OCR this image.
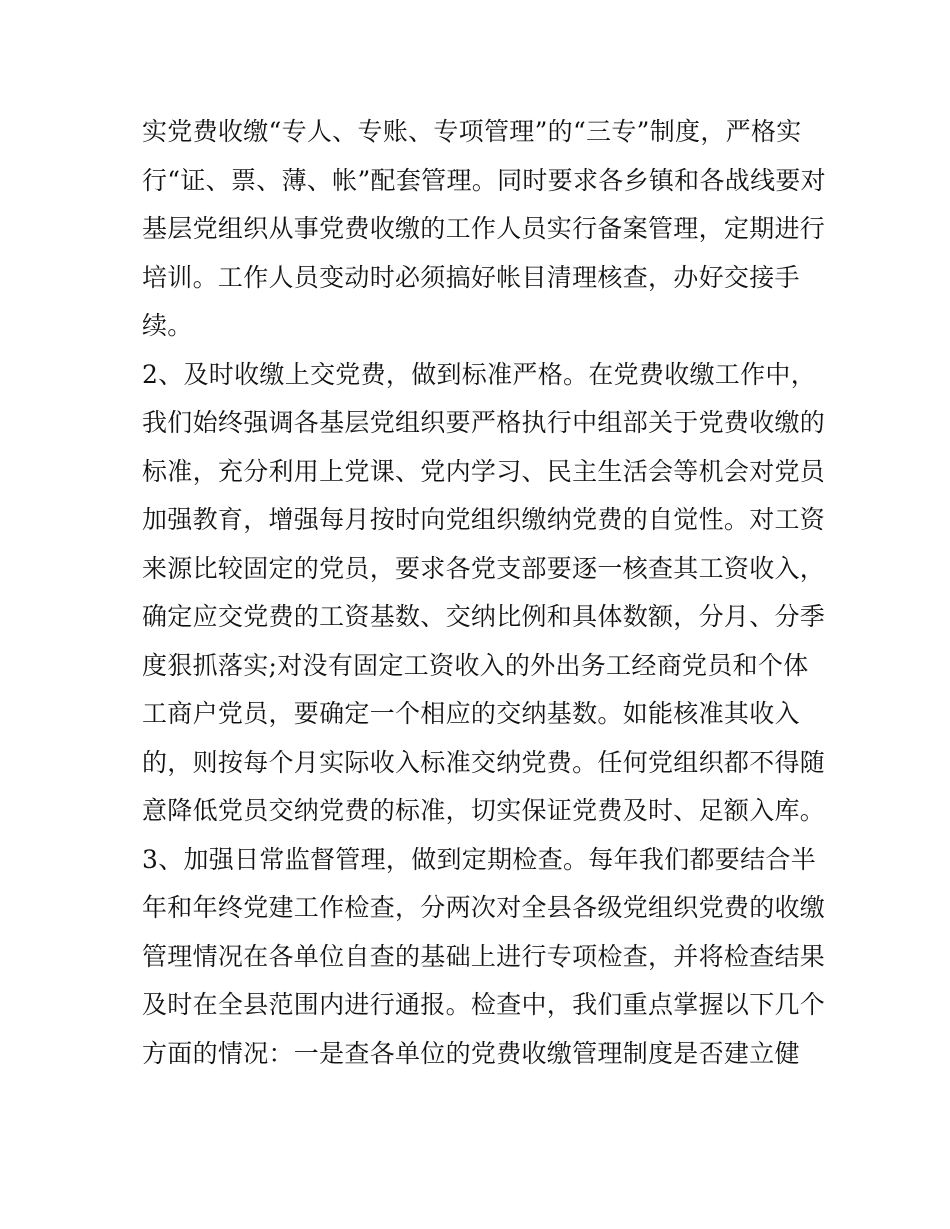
实党费收缴“专人、专账、专项管理”的“三专”制度，严格实
行“证、票、薄、帐”配套管理。同时要求各乡镇和各战线要对
基层党组织从事党费收缴的工作人员实行备案管理，定期进行
培训。工作人员变动时必须搞好帐目清理核查，办好交接手
续。
2、及时收缴上交党费，做到标准严格。在党费收缴工作中，
我们始终强调各基层党组织要严格执行中组部关于党费收缴的
标准，充分利用上党课、党内学习、民主生活会等机会对党员
加强教育，增强每月按时向党组织缴纳党费的自觉性。对工资
来源比较固定的党员，要求各党支部要逐一核查其工资收入，
确定应交党费的工资基数、交纳比例和具体数额，分月、分季
度狠抓落实;对没有固定工资收入的外出务工经商党员和个体
工商户党员，要确定一个相应的交纳基数。如能核准其收入
的，则按每个月实际收入标准交纳党费。任何党组织都不得随
意降低党员交纳党费的标准，切实保证党费及时、足额入库。
3、加强日常监督管理，做到定期检查。每年我们都要结合半
年和年终党建工作检查，分两次对全县各级党组织党费的收缴
管理情况在各单位自查的基础上进行专项检查，并将检查结果
及时在全县范围内进行通报。检查中，我们重点掌握以下几个
方面的情况：一是查各单位的党费收缴管理制度是否建立健
